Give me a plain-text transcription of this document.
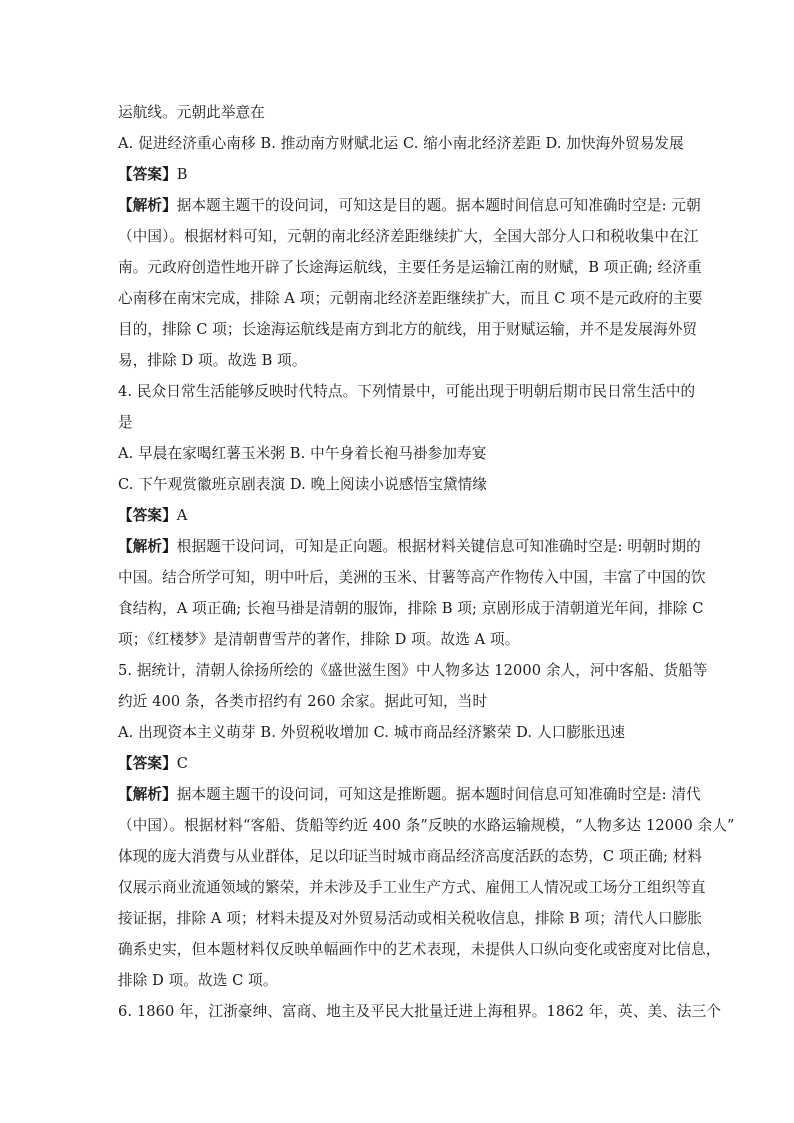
运航线。元朝此举意在
A. 促进经济重心南移 B. 推动南方财赋北运 C. 缩小南北经济差距 D. 加快海外贸易发展
【答案】B
【解析】据本题主题干的设问词，可知这是目的题。据本题时间信息可知准确时空是: 元朝
（中国）。根据材料可知，元朝的南北经济差距继续扩大，全国大部分人口和税收集中在江
南。元政府创造性地开辟了长途海运航线，主要任务是运输江南的财赋，B 项正确; 经济重
心南移在南宋完成，排除 A 项；元朝南北经济差距继续扩大，而且 C 项不是元政府的主要
目的，排除 C 项；长途海运航线是南方到北方的航线，用于财赋运输，并不是发展海外贸
易，排除 D 项。故选 B 项。
4. 民众日常生活能够反映时代特点。下列情景中，可能出现于明朝后期市民日常生活中的
是
A. 早晨在家喝红薯玉米粥 B. 中午身着长袍马褂参加寿宴
C. 下午观赏徽班京剧表演 D. 晚上阅读小说感悟宝黛情缘
【答案】A
【解析】根据题干设问词，可知是正向题。根据材料关键信息可知准确时空是: 明朝时期的
中国。结合所学可知，明中叶后，美洲的玉米、甘薯等高产作物传入中国，丰富了中国的饮
食结构，A 项正确; 长袍马褂是清朝的服饰，排除 B 项; 京剧形成于清朝道光年间，排除 C
项；《红楼梦》是清朝曹雪芹的著作，排除 D 项。故选 A 项。
5. 据统计，清朝人徐扬所绘的《盛世滋生图》中人物多达 12000 余人，河中客船、货船等
约近 400 条，各类市招约有 260 余家。据此可知，当时
A. 出现资本主义萌芽 B. 外贸税收增加 C. 城市商品经济繁荣 D. 人口膨胀迅速
【答案】C
【解析】据本题主题干的设问词，可知这是推断题。据本题时间信息可知准确时空是: 清代
（中国）。根据材料“客船、货船等约近 400 条”反映的水路运输规模，“人物多达 12000 余人”
体现的庞大消费与从业群体，足以印证当时城市商品经济高度活跃的态势，C 项正确; 材料
仅展示商业流通领域的繁荣，并未涉及手工业生产方式、雇佣工人情况或工场分工组织等直
接证据，排除 A 项；材料未提及对外贸易活动或相关税收信息，排除 B 项；清代人口膨胀
确系史实，但本题材料仅反映单幅画作中的艺术表现，未提供人口纵向变化或密度对比信息，
排除 D 项。故选 C 项。
6. 1860 年，江浙豪绅、富商、地主及平民大批量迁进上海租界。1862 年，英、美、法三个
